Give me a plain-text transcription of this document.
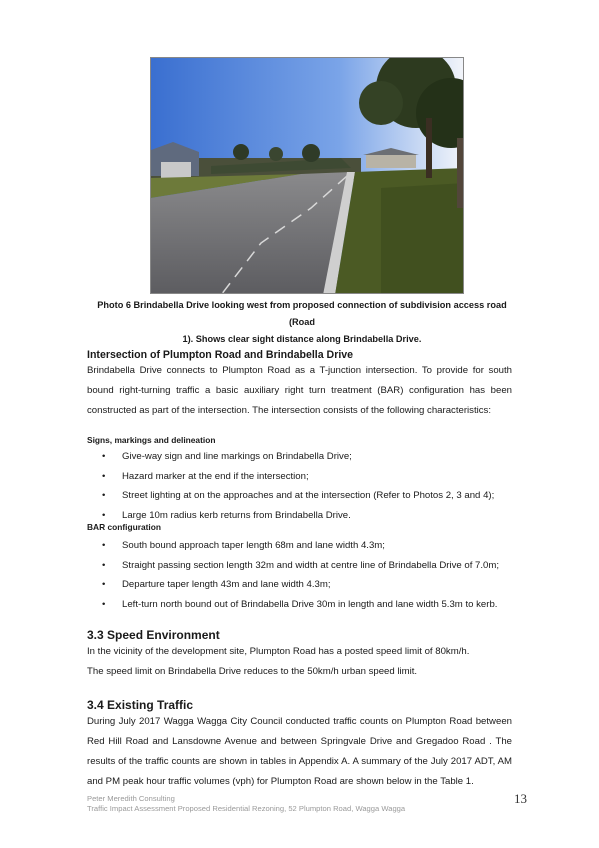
Photo 6 Brindabella Drive looking west from proposed connection of subdivision access road (Road
1). Shows clear sight distance along Brindabella Drive.
Intersection of Plumpton Road and Brindabella Drive

Brindabella Drive connects to Plumpton Road as a T-junction intersection. To provide for south bound right-turning traffic a basic auxiliary right turn treatment (BAR) configuration has been constructed as part of the intersection. The intersection consists of the following characteristics:

Signs, markings and delineation
• Give-way sign and line markings on Brindabella Drive;
• Hazard marker at the end if the intersection;
• Street lighting at on the approaches and at the intersection (Refer to Photos 2, 3 and 4);
• Large 10m radius kerb returns from Brindabella Drive.
BAR configuration
• South bound approach taper length 68m and lane width 4.3m;
• Straight passing section length 32m and width at centre line of Brindabella Drive of 7.0m;
• Departure taper length 43m and lane width 4.3m;
• Left-turn north bound out of Brindabella Drive 30m in length and lane width 5.3m to kerb.
3.3 Speed Environment

In the vicinity of the development site, Plumpton Road has a posted speed limit of 80km/h.

The speed limit on Brindabella Drive reduces to the 50km/h urban speed limit.

3.4 Existing Traffic

During July 2017 Wagga Wagga City Council conducted traffic counts on Plumpton Road between Red Hill Road and Lansdowne Avenue and between Springvale Drive and Gregadoo Road . The results of the traffic counts are shown in tables in Appendix A. A summary of the July 2017 ADT, AM and PM peak hour traffic volumes (vph) for Plumpton Road are shown below in the Table 1.

Peter Meredith Consulting
Traffic Impact Assessment Proposed Residential Rezoning, 52 Plumpton Road, Wagga Wagga
13
